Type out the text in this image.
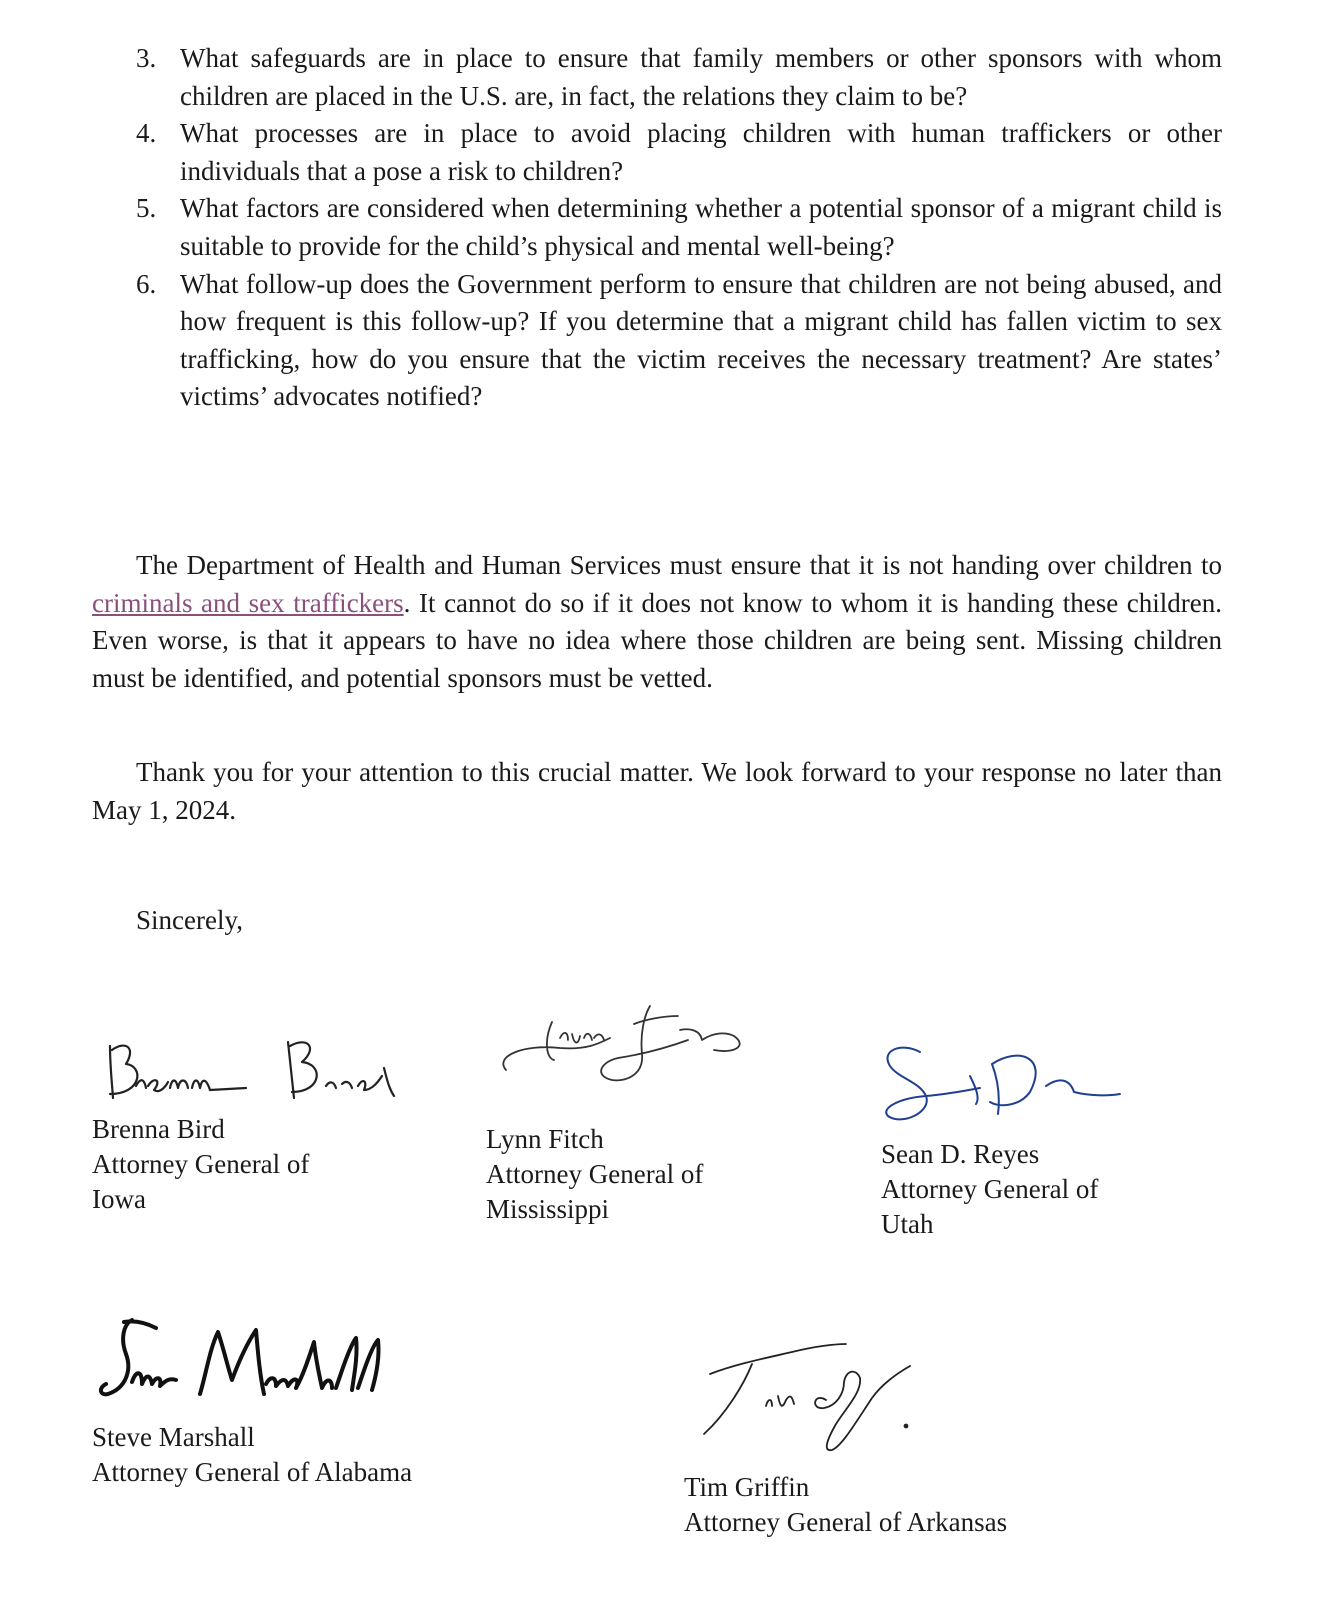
3. What safeguards are in place to ensure that family members or other sponsors with whom children are placed in the U.S. are, in fact, the relations they claim to be?
4. What processes are in place to avoid placing children with human traffickers or other individuals that a pose a risk to children?
5. What factors are considered when determining whether a potential sponsor of a migrant child is suitable to provide for the child’s physical and mental well-being?
6. What follow-up does the Government perform to ensure that children are not being abused, and how frequent is this follow-up? If you determine that a migrant child has fallen victim to sex trafficking, how do you ensure that the victim receives the necessary treatment? Are states’ victims’ advocates notified?

The Department of Health and Human Services must ensure that it is not handing over children to criminals and sex traffickers. It cannot do so if it does not know to whom it is handing these children. Even worse, is that it appears to have no idea where those children are being sent. Missing children must be identified, and potential sponsors must be vetted.

Thank you for your attention to this crucial matter. We look forward to your response no later than May 1, 2024.

Sincerely,
Brenna Bird
Attorney General of
Iowa
Lynn Fitch
Attorney General of
Mississippi
Sean D. Reyes
Attorney General of
Utah
Steve Marshall
Attorney General of Alabama	Tim Griffin
Attorney General of Arkansas
